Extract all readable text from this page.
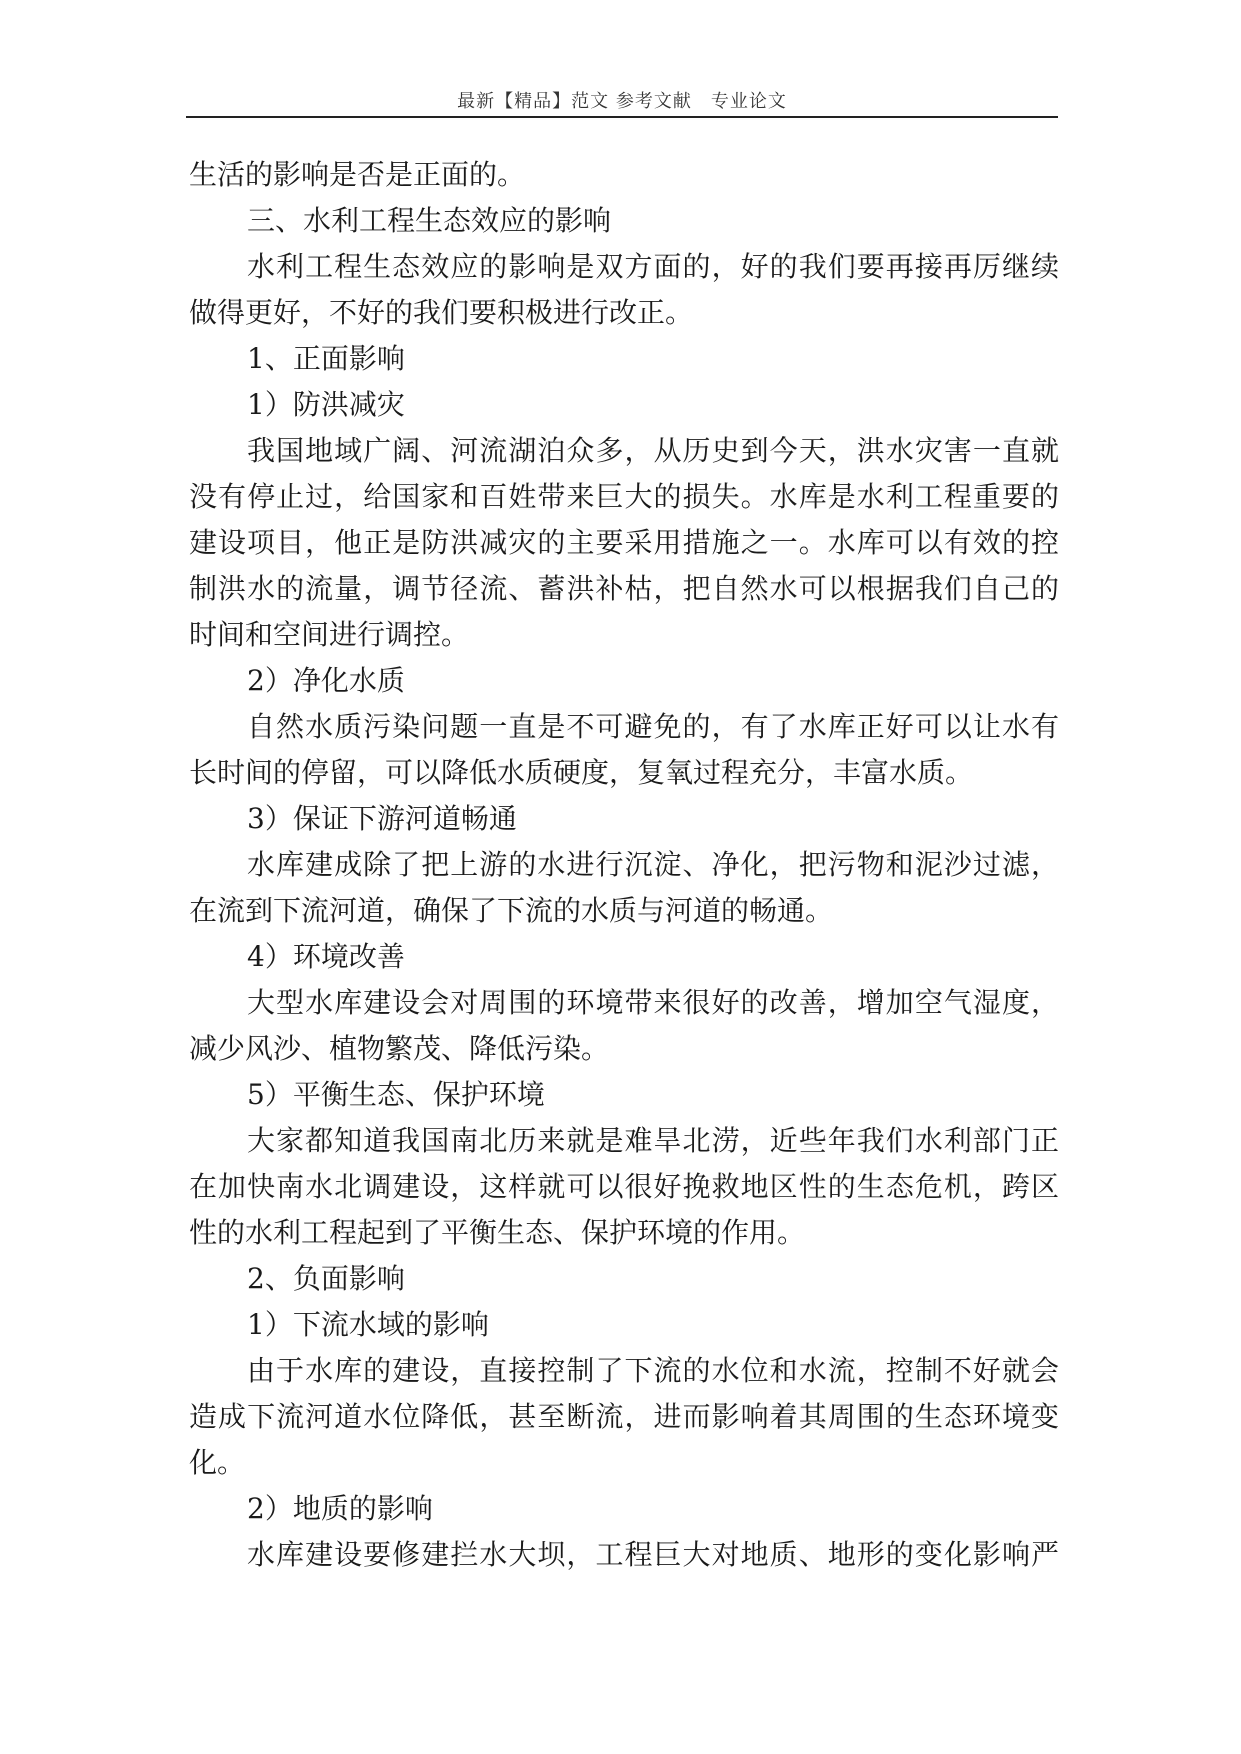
最新【精品】范文 参考文献　专业论文
生活的影响是否是正面的。
三、水利工程生态效应的影响
水利工程生态效应的影响是双方面的，好的我们要再接再厉继续
做得更好，不好的我们要积极进行改正。
1、正面影响
1）防洪减灾
我国地域广阔、河流湖泊众多，从历史到今天，洪水灾害一直就
没有停止过，给国家和百姓带来巨大的损失。水库是水利工程重要的
建设项目，他正是防洪减灾的主要采用措施之一。水库可以有效的控
制洪水的流量，调节径流、蓄洪补枯，把自然水可以根据我们自己的
时间和空间进行调控。
2）净化水质
自然水质污染问题一直是不可避免的，有了水库正好可以让水有
长时间的停留，可以降低水质硬度，复氧过程充分，丰富水质。
3）保证下游河道畅通
水库建成除了把上游的水进行沉淀、净化，把污物和泥沙过滤，
在流到下流河道，确保了下流的水质与河道的畅通。
4）环境改善
大型水库建设会对周围的环境带来很好的改善，增加空气湿度，
减少风沙、植物繁茂、降低污染。
5）平衡生态、保护环境
大家都知道我国南北历来就是难旱北涝，近些年我们水利部门正
在加快南水北调建设，这样就可以很好挽救地区性的生态危机，跨区
性的水利工程起到了平衡生态、保护环境的作用。
2、负面影响
1）下流水域的影响
由于水库的建设，直接控制了下流的水位和水流，控制不好就会
造成下流河道水位降低，甚至断流，进而影响着其周围的生态环境变
化。
2）地质的影响
水库建设要修建拦水大坝，工程巨大对地质、地形的变化影响严
